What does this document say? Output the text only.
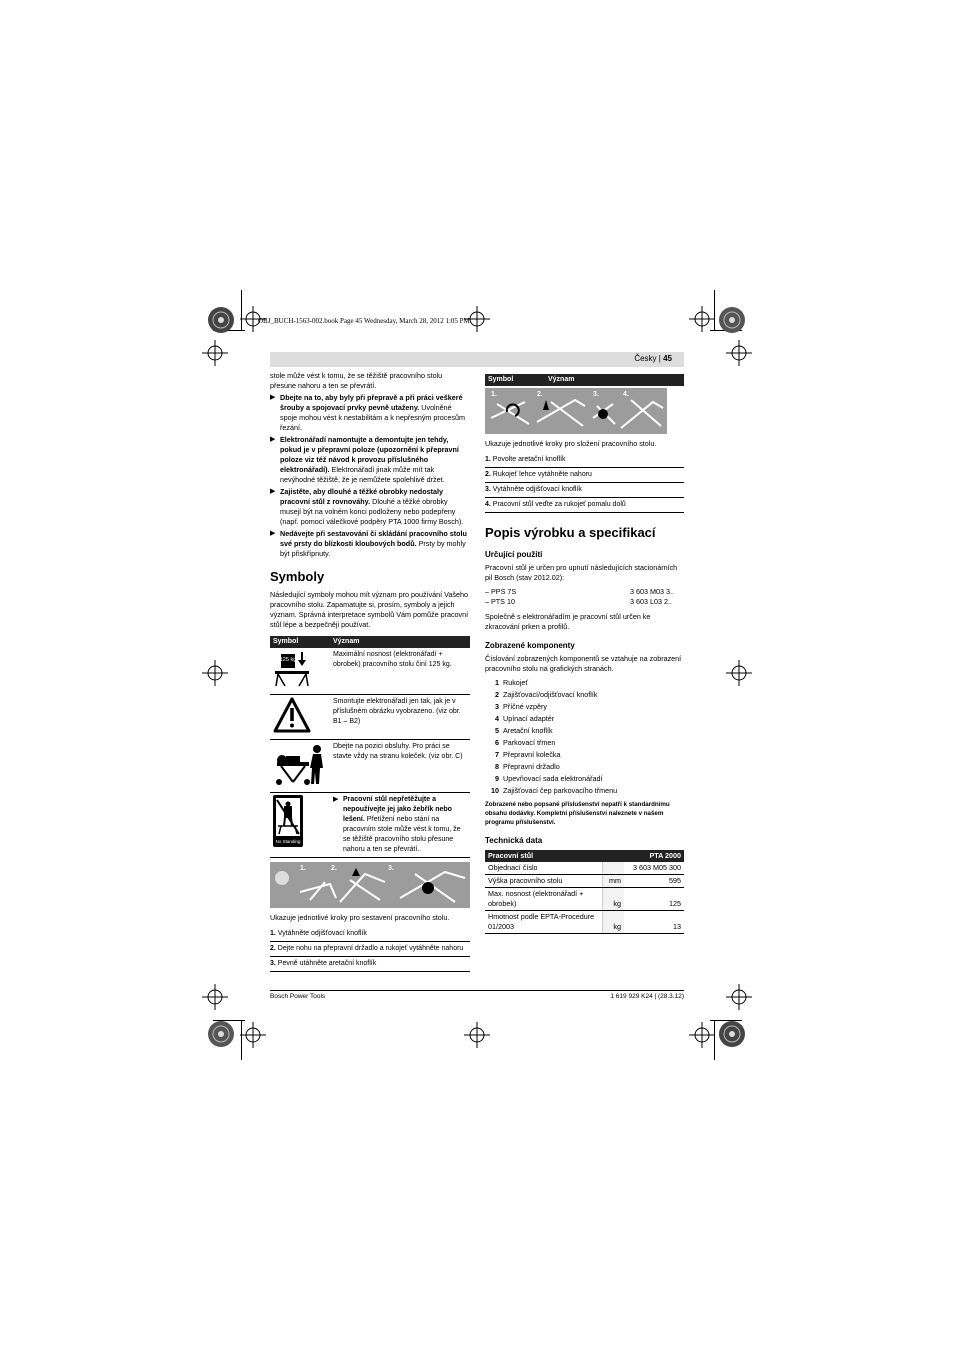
OBJ_BUCH-1563-002.book Page 45 Wednesday, March 28, 2012 1:05 PM
Česky | 45
stole může vést k tomu, že se těžiště pracovního stolu přesune nahoru a ten se převrátí.
▶ Dbejte na to, aby byly při přepravě a při práci veškeré šrouby a spojovací prvky pevně utaženy. Uvolněné spoje mohou vést k nestabilitám a k nepřesným procesům řezání.
▶ Elektronářadí namontujte a demontujte jen tehdy, pokud je v přepravní poloze (upozornění k přepravní poloze viz též návod k provozu příslušného elektronářadí). Elektronářadí jinak může mít tak nevýhodné těžiště, že je nemůžete spolehlivě držet.
▶ Zajistěte, aby dlouhé a těžké obrobky nedostaly pracovní stůl z rovnováhy. Dlouhé a těžké obrobky musejí být na volném konci podloženy nebo podepřeny (např. pomocí válečkové podpěry PTA 1000 firmy Bosch).
▶ Nedávejte při sestavování či skládání pracovního stolu své prsty do blízkosti kloubových bodů. Prsty by mohly být přiskřípnuty.
Symboly
Následující symboly mohou mít význam pro používání Vašeho pracovního stolu. Zapamatujte si, prosím, symboly a jejich význam. Správná interpretace symbolů Vám pomůže pracovní stůl lépe a bezpečněji používat.
Symbol	Význam

125 kg	Maximální nosnost (elektronářadí + obrobek) pracovního stolu činí 125 kg.
	Smontujte elektronářadí jen tak, jak je v příslušném obrázku vyobrazeno. (viz obr. B1 – B2)
	Dbejte na pozici obsluhy. Pro práci se stavte vždy na stranu koleček. (viz obr. C)

No Standing	▶ Pracovní stůl nepřetěžujte a nepoužívejte jej jako žebřík nebo lešení. Přetížení nebo stání na pracovním stole může vést k tomu, že se těžiště pracovního stolu přesune nahoru a ten se převrátí.
1.	2.	3.
Ukazuje jednotlivé kroky pro sestavení pracovního stolu.
1. Vytáhněte odjišťovací knoflík
2. Dejte nohu na přepravní držadlo a rukojeť vytáhněte nahoru
3. Pevně utáhněte aretační knoflík
Symbol	Význam
1.	2.	3.	4.
Ukazuje jednotlivé kroky pro složení pracovního stolu.
1. Povolte aretační knoflík
2. Rukojeť lehce vytáhněte nahoru
3. Vytáhněte odjišťovací knoflík
4. Pracovní stůl veďte za rukojeť pomalu dolů
Popis výrobku a specifikací
Určující použití
Pracovní stůl je určen pro upnutí následujících stacionárních pil Bosch (stav 2012.02):
– PPS 7S	3 603 M03 3..
– PTS 10	3 603 L03 2..
Společně s elektronářadím je pracovní stůl určen ke zkracování prken a profilů.
Zobrazené komponenty
Číslování zobrazených komponentů se vztahuje na zobrazení pracovního stolu na grafických stranách.
1 Rukojeť
2 Zajišťovací/odjišťovací knoflík
3 Příčné vzpěry
4 Upínací adaptér
5 Aretační knoflík
6 Parkovací třmen
7 Přepravní kolečka
8 Přepravní držadlo
9 Upevňovací sada elektronářadí
10 Zajišťovací čep parkovacího třmenu
Zobrazené nebo popsané příslušenství nepatří k standardnímu obsahu dodávky. Kompletní příslušenství naleznete v našem programu příslušenství.
Technická data
Pracovní stůl		PTA 2000
Objednací číslo		3 603 M05 300
Výška pracovního stolu	mm	595
Max. nosnost (elektronářadí + obrobek)	kg	125
Hmotnost podle EPTA-Procedure 01/2003	kg	13
Bosch Power Tools	1 619 929 K24 | (28.3.12)
